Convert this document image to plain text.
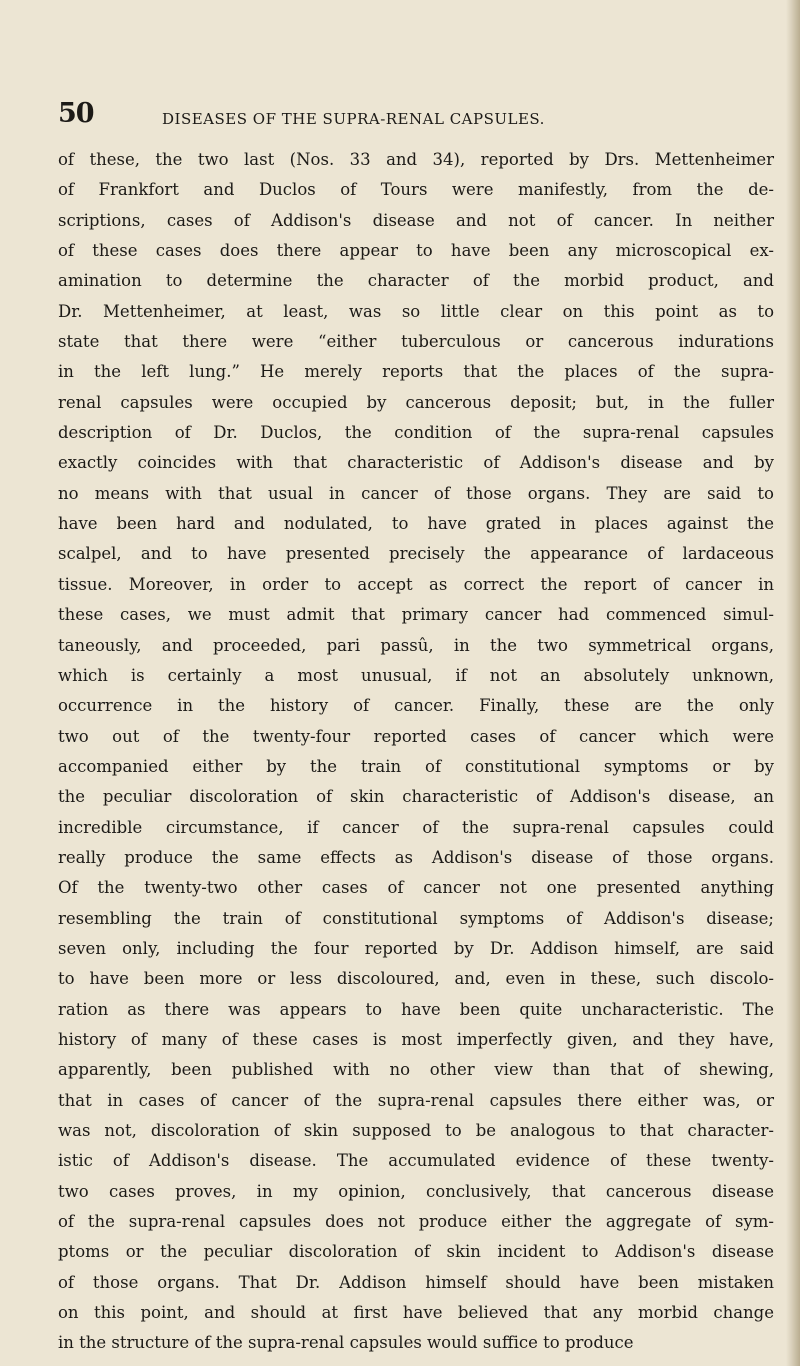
50	DISEASES OF THE SUPRA-RENAL CAPSULES.
of these, the two last (Nos. 33 and 34), reported by Drs. Mettenheimer
of Frankfort and Duclos of Tours were manifestly, from the de-
scriptions, cases of Addison's disease and not of cancer. In neither
of these cases does there appear to have been any microscopical ex-
amination to determine the character of the morbid product, and
Dr. Mettenheimer, at least, was so little clear on this point as to
state that there were “either tuberculous or cancerous indurations
in the left lung.” He merely reports that the places of the supra-
renal capsules were occupied by cancerous deposit; but, in the fuller
description of Dr. Duclos, the condition of the supra-renal capsules
exactly coincides with that characteristic of Addison's disease and by
no means with that usual in cancer of those organs. They are said to
have been hard and nodulated, to have grated in places against the
scalpel, and to have presented precisely the appearance of lardaceous
tissue. Moreover, in order to accept as correct the report of cancer in
these cases, we must admit that primary cancer had commenced simul-
taneously, and proceeded, pari passû, in the two symmetrical organs,
which is certainly a most unusual, if not an absolutely unknown,
occurrence in the history of cancer. Finally, these are the only
two out of the twenty-four reported cases of cancer which were
accompanied either by the train of constitutional symptoms or by
the peculiar discoloration of skin characteristic of Addison's disease, an
incredible circumstance, if cancer of the supra-renal capsules could
really produce the same effects as Addison's disease of those organs.
Of the twenty-two other cases of cancer not one presented anything
resembling the train of constitutional symptoms of Addison's disease;
seven only, including the four reported by Dr. Addison himself, are said
to have been more or less discoloured, and, even in these, such discolo-
ration as there was appears to have been quite uncharacteristic. The
history of many of these cases is most imperfectly given, and they have,
apparently, been published with no other view than that of shewing,
that in cases of cancer of the supra-renal capsules there either was, or
was not, discoloration of skin supposed to be analogous to that character-
istic of Addison's disease. The accumulated evidence of these twenty-
two cases proves, in my opinion, conclusively, that cancerous disease
of the supra-renal capsules does not produce either the aggregate of sym-
ptoms or the peculiar discoloration of skin incident to Addison's disease
of those organs. That Dr. Addison himself should have been mistaken
on this point, and should at first have believed that any morbid change
in the structure of the supra-renal capsules would suffice to produce
